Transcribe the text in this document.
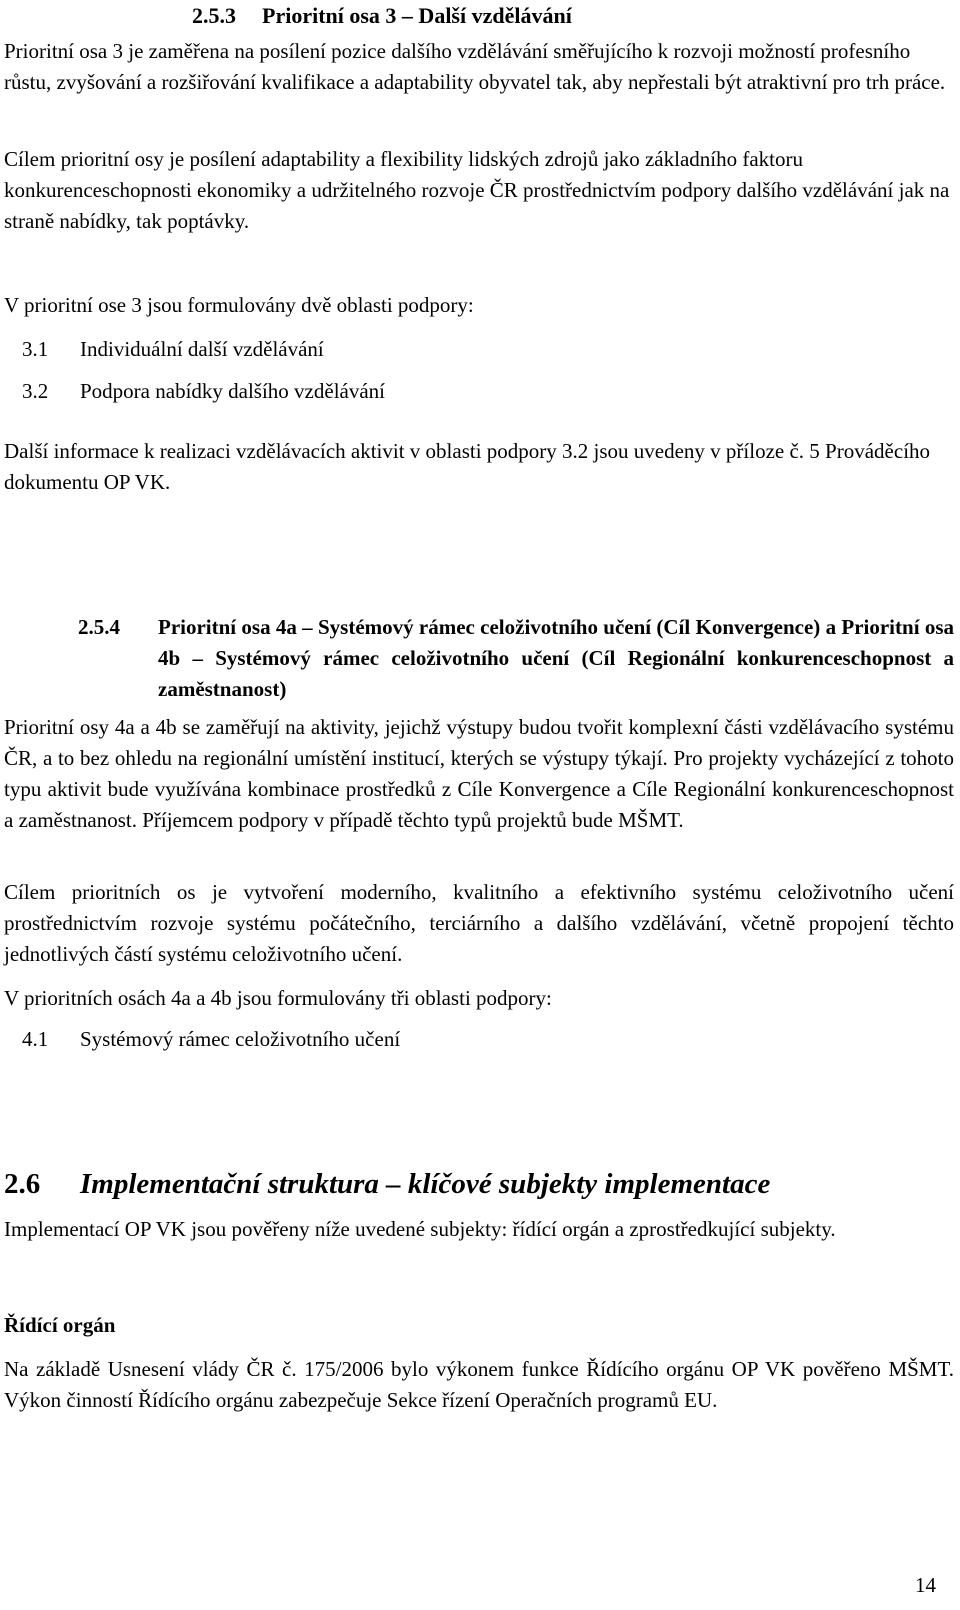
2.5.3 Prioritní osa 3 – Další vzdělávání

Prioritní osa 3 je zaměřena na posílení pozice dalšího vzdělávání směřujícího k rozvoji možností profesního růstu, zvyšování a rozšiřování kvalifikace a adaptability obyvatel tak, aby nepřestali být atraktivní pro trh práce.

Cílem prioritní osy je posílení adaptability a flexibility lidských zdrojů jako základního faktoru konkurenceschopnosti ekonomiky a udržitelného rozvoje ČR prostřednictvím podpory dalšího vzdělávání jak na straně nabídky, tak poptávky.

V prioritní ose 3 jsou formulovány dvě oblasti podpory:

3.1 Individuální další vzdělávání
3.2 Podpora nabídky dalšího vzdělávání

Další informace k realizaci vzdělávacích aktivit v oblasti podpory 3.2 jsou uvedeny v příloze č. 5 Prováděcího dokumentu OP VK.

2.5.4 Prioritní osa 4a – Systémový rámec celoživotního učení (Cíl Konvergence) a Prioritní osa 4b – Systémový rámec celoživotního učení (Cíl Regionální konkurenceschopnost a zaměstnanost)

Prioritní osy 4a a 4b se zaměřují na aktivity, jejichž výstupy budou tvořit komplexní části vzdělávacího systému ČR, a to bez ohledu na regionální umístění institucí, kterých se výstupy týkají. Pro projekty vycházející z tohoto typu aktivit bude využívána kombinace prostředků z Cíle Konvergence a Cíle Regionální konkurenceschopnost a zaměstnanost. Příjemcem podpory v případě těchto typů projektů bude MŠMT.

Cílem prioritních os je vytvoření moderního, kvalitního a efektivního systému celoživotního učení prostřednictvím rozvoje systému počátečního, terciárního a dalšího vzdělávání, včetně propojení těchto jednotlivých částí systému celoživotního učení.

V prioritních osách 4a a 4b jsou formulovány tři oblasti podpory:

4.1 Systémový rámec celoživotního učení
2.6 Implementační struktura – klíčové subjekty implementace

Implementací OP VK jsou pověřeny níže uvedené subjekty: řídící orgán a zprostředkující subjekty.

Řídící orgán

Na základě Usnesení vlády ČR č. 175/2006 bylo výkonem funkce Řídícího orgánu OP VK pověřeno MŠMT. Výkon činností Řídícího orgánu zabezpečuje Sekce řízení Operačních programů EU.

14
